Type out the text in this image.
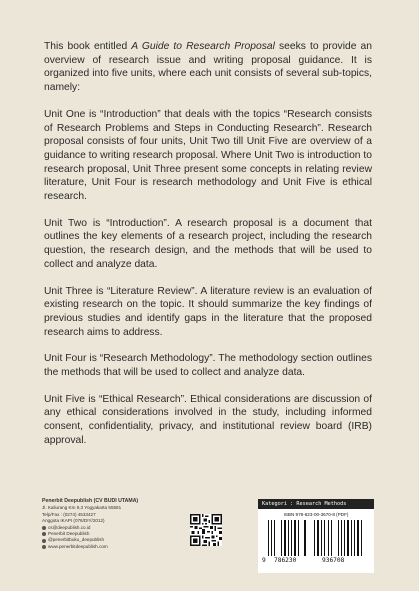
This book entitled A Guide to Research Proposal seeks to provide an overview of research issue and writing proposal guidance. It is organized into five units, where each unit consists of several sub-topics, namely:

Unit One is “Introduction” that deals with the topics “Research consists of Research Problems and Steps in Conducting Research”. Research proposal consists of four units, Unit Two till Unit Five are overview of a guidance to writing research proposal. Where Unit Two is introduction to research proposal, Unit Three present some concepts in relating review literature, Unit Four is research methodology and Unit Five is ethical research.

Unit Two is “Introduction”. A research proposal is a document that outlines the key elements of a research project, including the research question, the research design, and the methods that will be used to collect and analyze data.

Unit Three is “Literature Review”. A literature review is an evaluation of existing research on the topic. It should summarize the key findings of previous studies and identify gaps in the literature that the proposed research aims to address.

Unit Four is “Research Methodology”. The methodology section outlines the methods that will be used to collect and analyze data.

Unit Five is “Ethical Research”. Ethical considerations are discussion of any ethical considerations involved in the study, including informed consent, confidentiality, privacy, and institutional review board (IRB) approval.

Penerbit Deepublish (CV BUDI UTAMA)
Jl. Kaliurang Km 9,3 Yogyakarta 55581
Telp/Fax : (0274) 4533427
Anggota IKAPI (076/DIY/2012)
cs@deepublish.co.id
Penerbit Deepublish
@penerbitbuku_deepublish
www.penerbitdeepublish.com
Kategori : Research Methods
ISBN 978-623-00-3670-8 (PDF)
9 786230	936708
